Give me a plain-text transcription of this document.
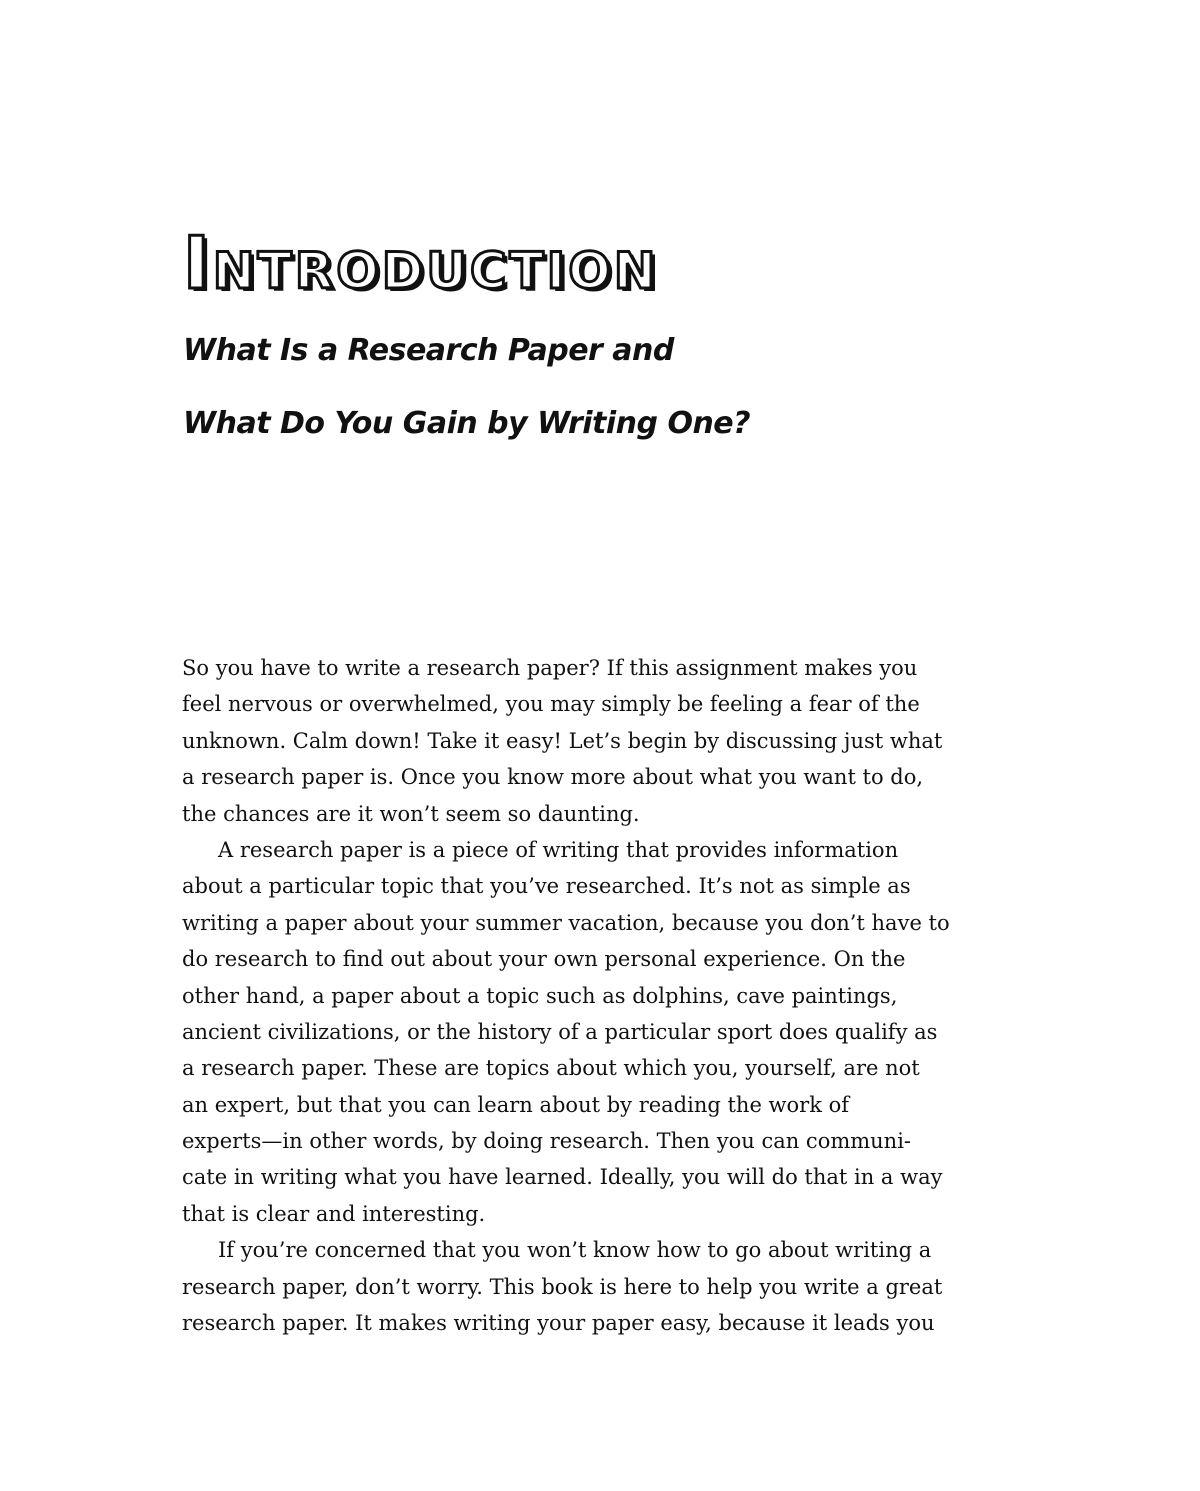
Introduction
What Is a Research Paper and
What Do You Gain by Writing One?

So you have to write a research paper? If this assignment makes you
feel nervous or overwhelmed, you may simply be feeling a fear of the
unknown. Calm down! Take it easy! Let’s begin by discussing just what
a research paper is. Once you know more about what you want to do,
the chances are it won’t seem so daunting.

A research paper is a piece of writing that provides information
about a particular topic that you’ve researched. It’s not as simple as
writing a paper about your summer vacation, because you don’t have to
do research to find out about your own personal experience. On the
other hand, a paper about a topic such as dolphins, cave paintings,
ancient civilizations, or the history of a particular sport does qualify as
a research paper. These are topics about which you, yourself, are not
an expert, but that you can learn about by reading the work of
experts—in other words, by doing research. Then you can communi-
cate in writing what you have learned. Ideally, you will do that in a way
that is clear and interesting.

If you’re concerned that you won’t know how to go about writing a
research paper, don’t worry. This book is here to help you write a great
research paper. It makes writing your paper easy, because it leads you
